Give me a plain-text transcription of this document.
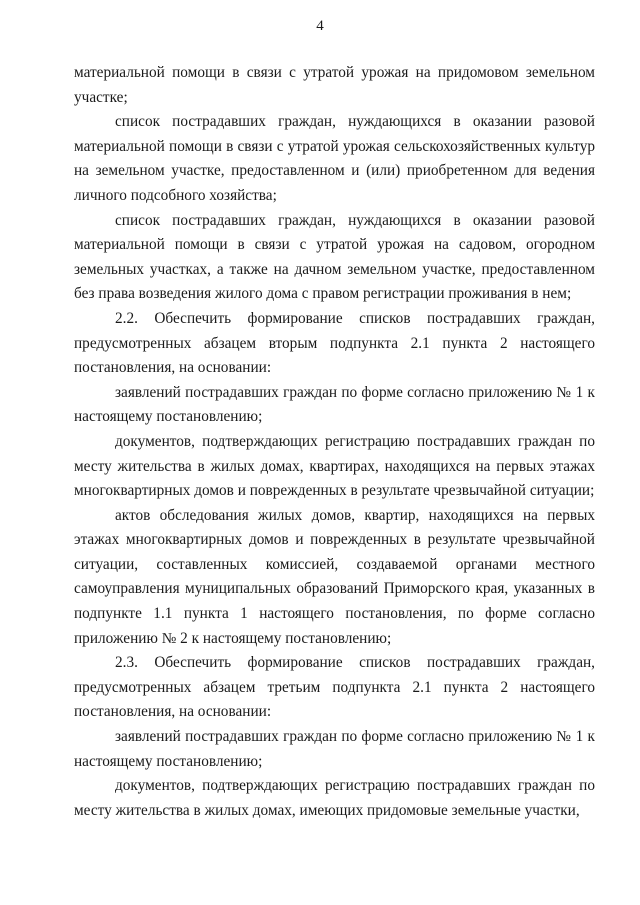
4

материальной помощи в связи с утратой урожая на придомовом земельном участке;

список пострадавших граждан, нуждающихся в оказании разовой материальной помощи в связи с утратой урожая сельскохозяйственных культур на земельном участке, предоставленном и (или) приобретенном для ведения личного подсобного хозяйства;

список пострадавших граждан, нуждающихся в оказании разовой материальной помощи в связи с утратой урожая на садовом, огородном земельных участках, а также на дачном земельном участке, предоставленном без права возведения жилого дома с правом регистрации проживания в нем;

2.2. Обеспечить формирование списков пострадавших граждан, предусмотренных абзацем вторым подпункта 2.1 пункта 2 настоящего постановления, на основании:

заявлений пострадавших граждан по форме согласно приложению № 1 к настоящему постановлению;

документов, подтверждающих регистрацию пострадавших граждан по месту жительства в жилых домах, квартирах, находящихся на первых этажах многоквартирных домов и поврежденных в результате чрезвычайной ситуации;

актов обследования жилых домов, квартир, находящихся на первых этажах многоквартирных домов и поврежденных в результате чрезвычайной ситуации, составленных комиссией, создаваемой органами местного самоуправления муниципальных образований Приморского края, указанных в подпункте 1.1 пункта 1 настоящего постановления, по форме согласно приложению № 2 к настоящему постановлению;

2.3. Обеспечить формирование списков пострадавших граждан, предусмотренных абзацем третьим подпункта 2.1 пункта 2 настоящего постановления, на основании:

заявлений пострадавших граждан по форме согласно приложению № 1 к настоящему постановлению;

документов, подтверждающих регистрацию пострадавших граждан по месту жительства в жилых домах, имеющих придомовые земельные участки,
